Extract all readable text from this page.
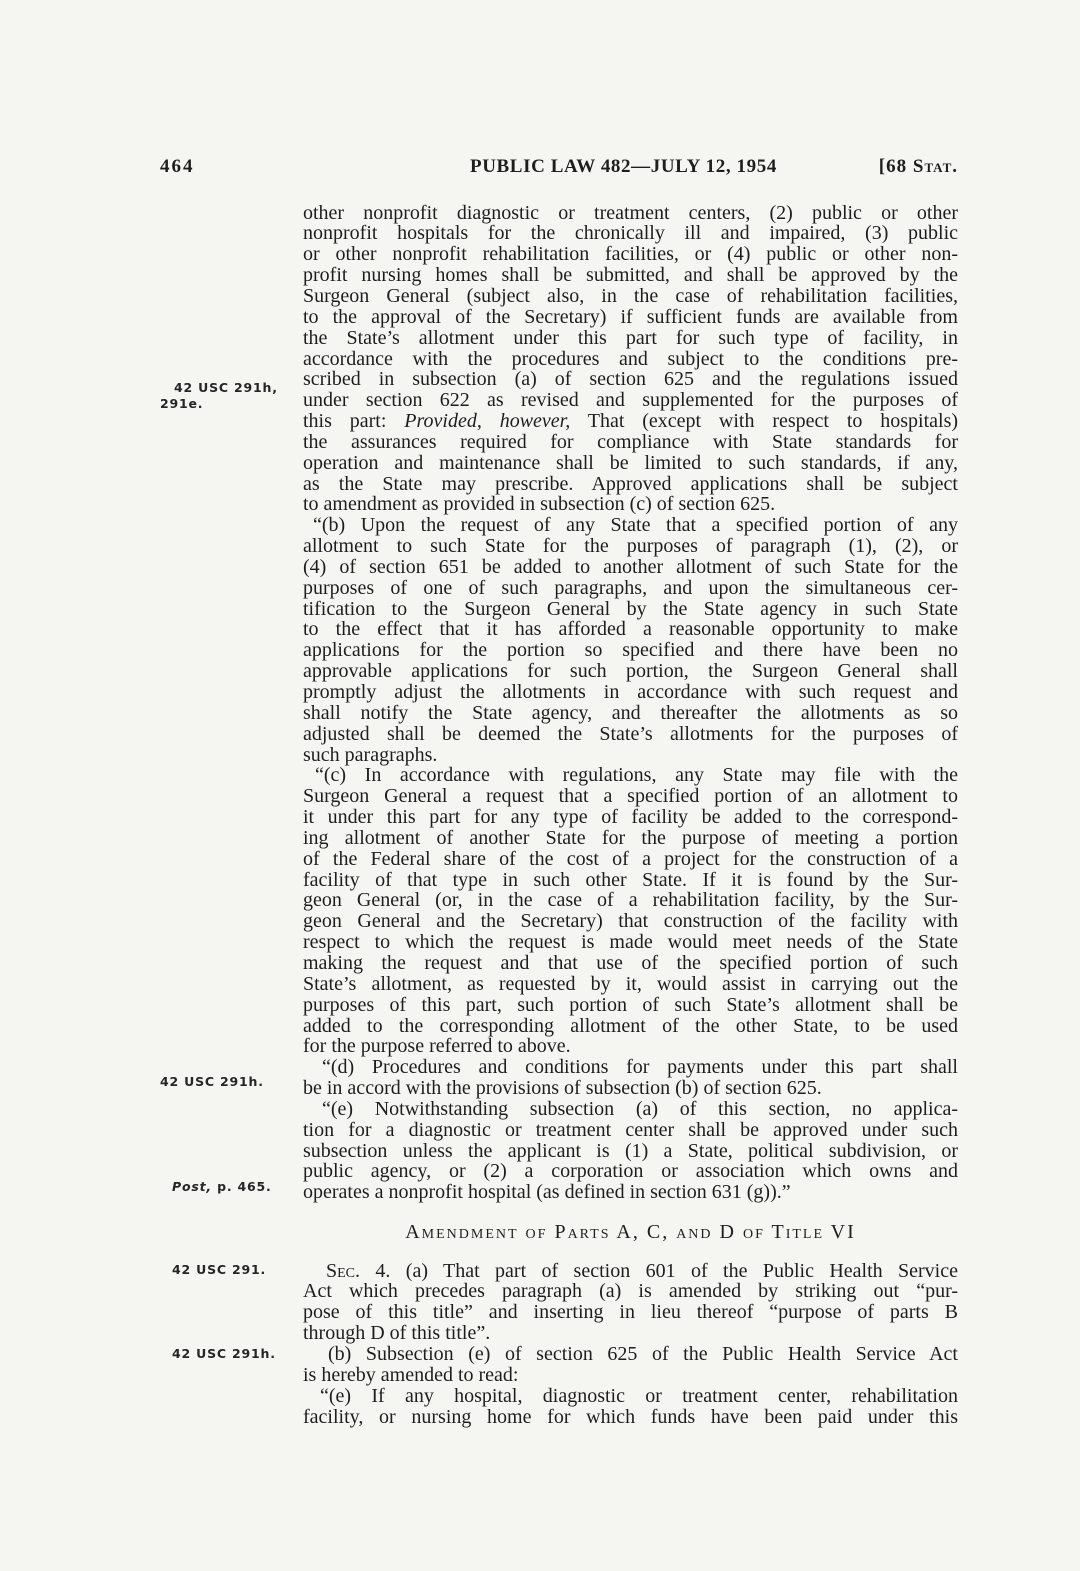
464	PUBLIC LAW 482—JULY 12, 1954	[68 Stat.
42 USC 291h,
291e.
42 USC 291h.
Post, p. 465.
42 USC 291.
42 USC 291h.
other nonprofit diagnostic or treatment centers, (2) public or other
nonprofit hospitals for the chronically ill and impaired, (3) public
or other nonprofit rehabilitation facilities, or (4) public or other non-
profit nursing homes shall be submitted, and shall be approved by the
Surgeon General (subject also, in the case of rehabilitation facilities,
to the approval of the Secretary) if sufficient funds are available from
the State’s allotment under this part for such type of facility, in
accordance with the procedures and subject to the conditions pre-
scribed in subsection (a) of section 625 and the regulations issued
under section 622 as revised and supplemented for the purposes of
this part: Provided, however, That (except with respect to hospitals)
the assurances required for compliance with State standards for
operation and maintenance shall be limited to such standards, if any,
as the State may prescribe. Approved applications shall be subject
to amendment as provided in subsection (c) of section 625.
“(b) Upon the request of any State that a specified portion of any
allotment to such State for the purposes of paragraph (1), (2), or
(4) of section 651 be added to another allotment of such State for the
purposes of one of such paragraphs, and upon the simultaneous cer-
tification to the Surgeon General by the State agency in such State
to the effect that it has afforded a reasonable opportunity to make
applications for the portion so specified and there have been no
approvable applications for such portion, the Surgeon General shall
promptly adjust the allotments in accordance with such request and
shall notify the State agency, and thereafter the allotments as so
adjusted shall be deemed the State’s allotments for the purposes of
such paragraphs.
“(c) In accordance with regulations, any State may file with the
Surgeon General a request that a specified portion of an allotment to
it under this part for any type of facility be added to the correspond-
ing allotment of another State for the purpose of meeting a portion
of the Federal share of the cost of a project for the construction of a
facility of that type in such other State. If it is found by the Sur-
geon General (or, in the case of a rehabilitation facility, by the Sur-
geon General and the Secretary) that construction of the facility with
respect to which the request is made would meet needs of the State
making the request and that use of the specified portion of such
State’s allotment, as requested by it, would assist in carrying out the
purposes of this part, such portion of such State’s allotment shall be
added to the corresponding allotment of the other State, to be used
for the purpose referred to above.
“(d) Procedures and conditions for payments under this part shall
be in accord with the provisions of subsection (b) of section 625.
“(e) Notwithstanding subsection (a) of this section, no applica-
tion for a diagnostic or treatment center shall be approved under such
subsection unless the applicant is (1) a State, political subdivision, or
public agency, or (2) a corporation or association which owns and
operates a nonprofit hospital (as defined in section 631 (g)).”
Amendment of Parts A, C, and D of Title VI
Sec. 4. (a) That part of section 601 of the Public Health Service
Act which precedes paragraph (a) is amended by striking out “pur-
pose of this title” and inserting in lieu thereof “purpose of parts B
through D of this title”.
(b) Subsection (e) of section 625 of the Public Health Service Act
is hereby amended to read:
“(e) If any hospital, diagnostic or treatment center, rehabilitation
facility, or nursing home for which funds have been paid under this
